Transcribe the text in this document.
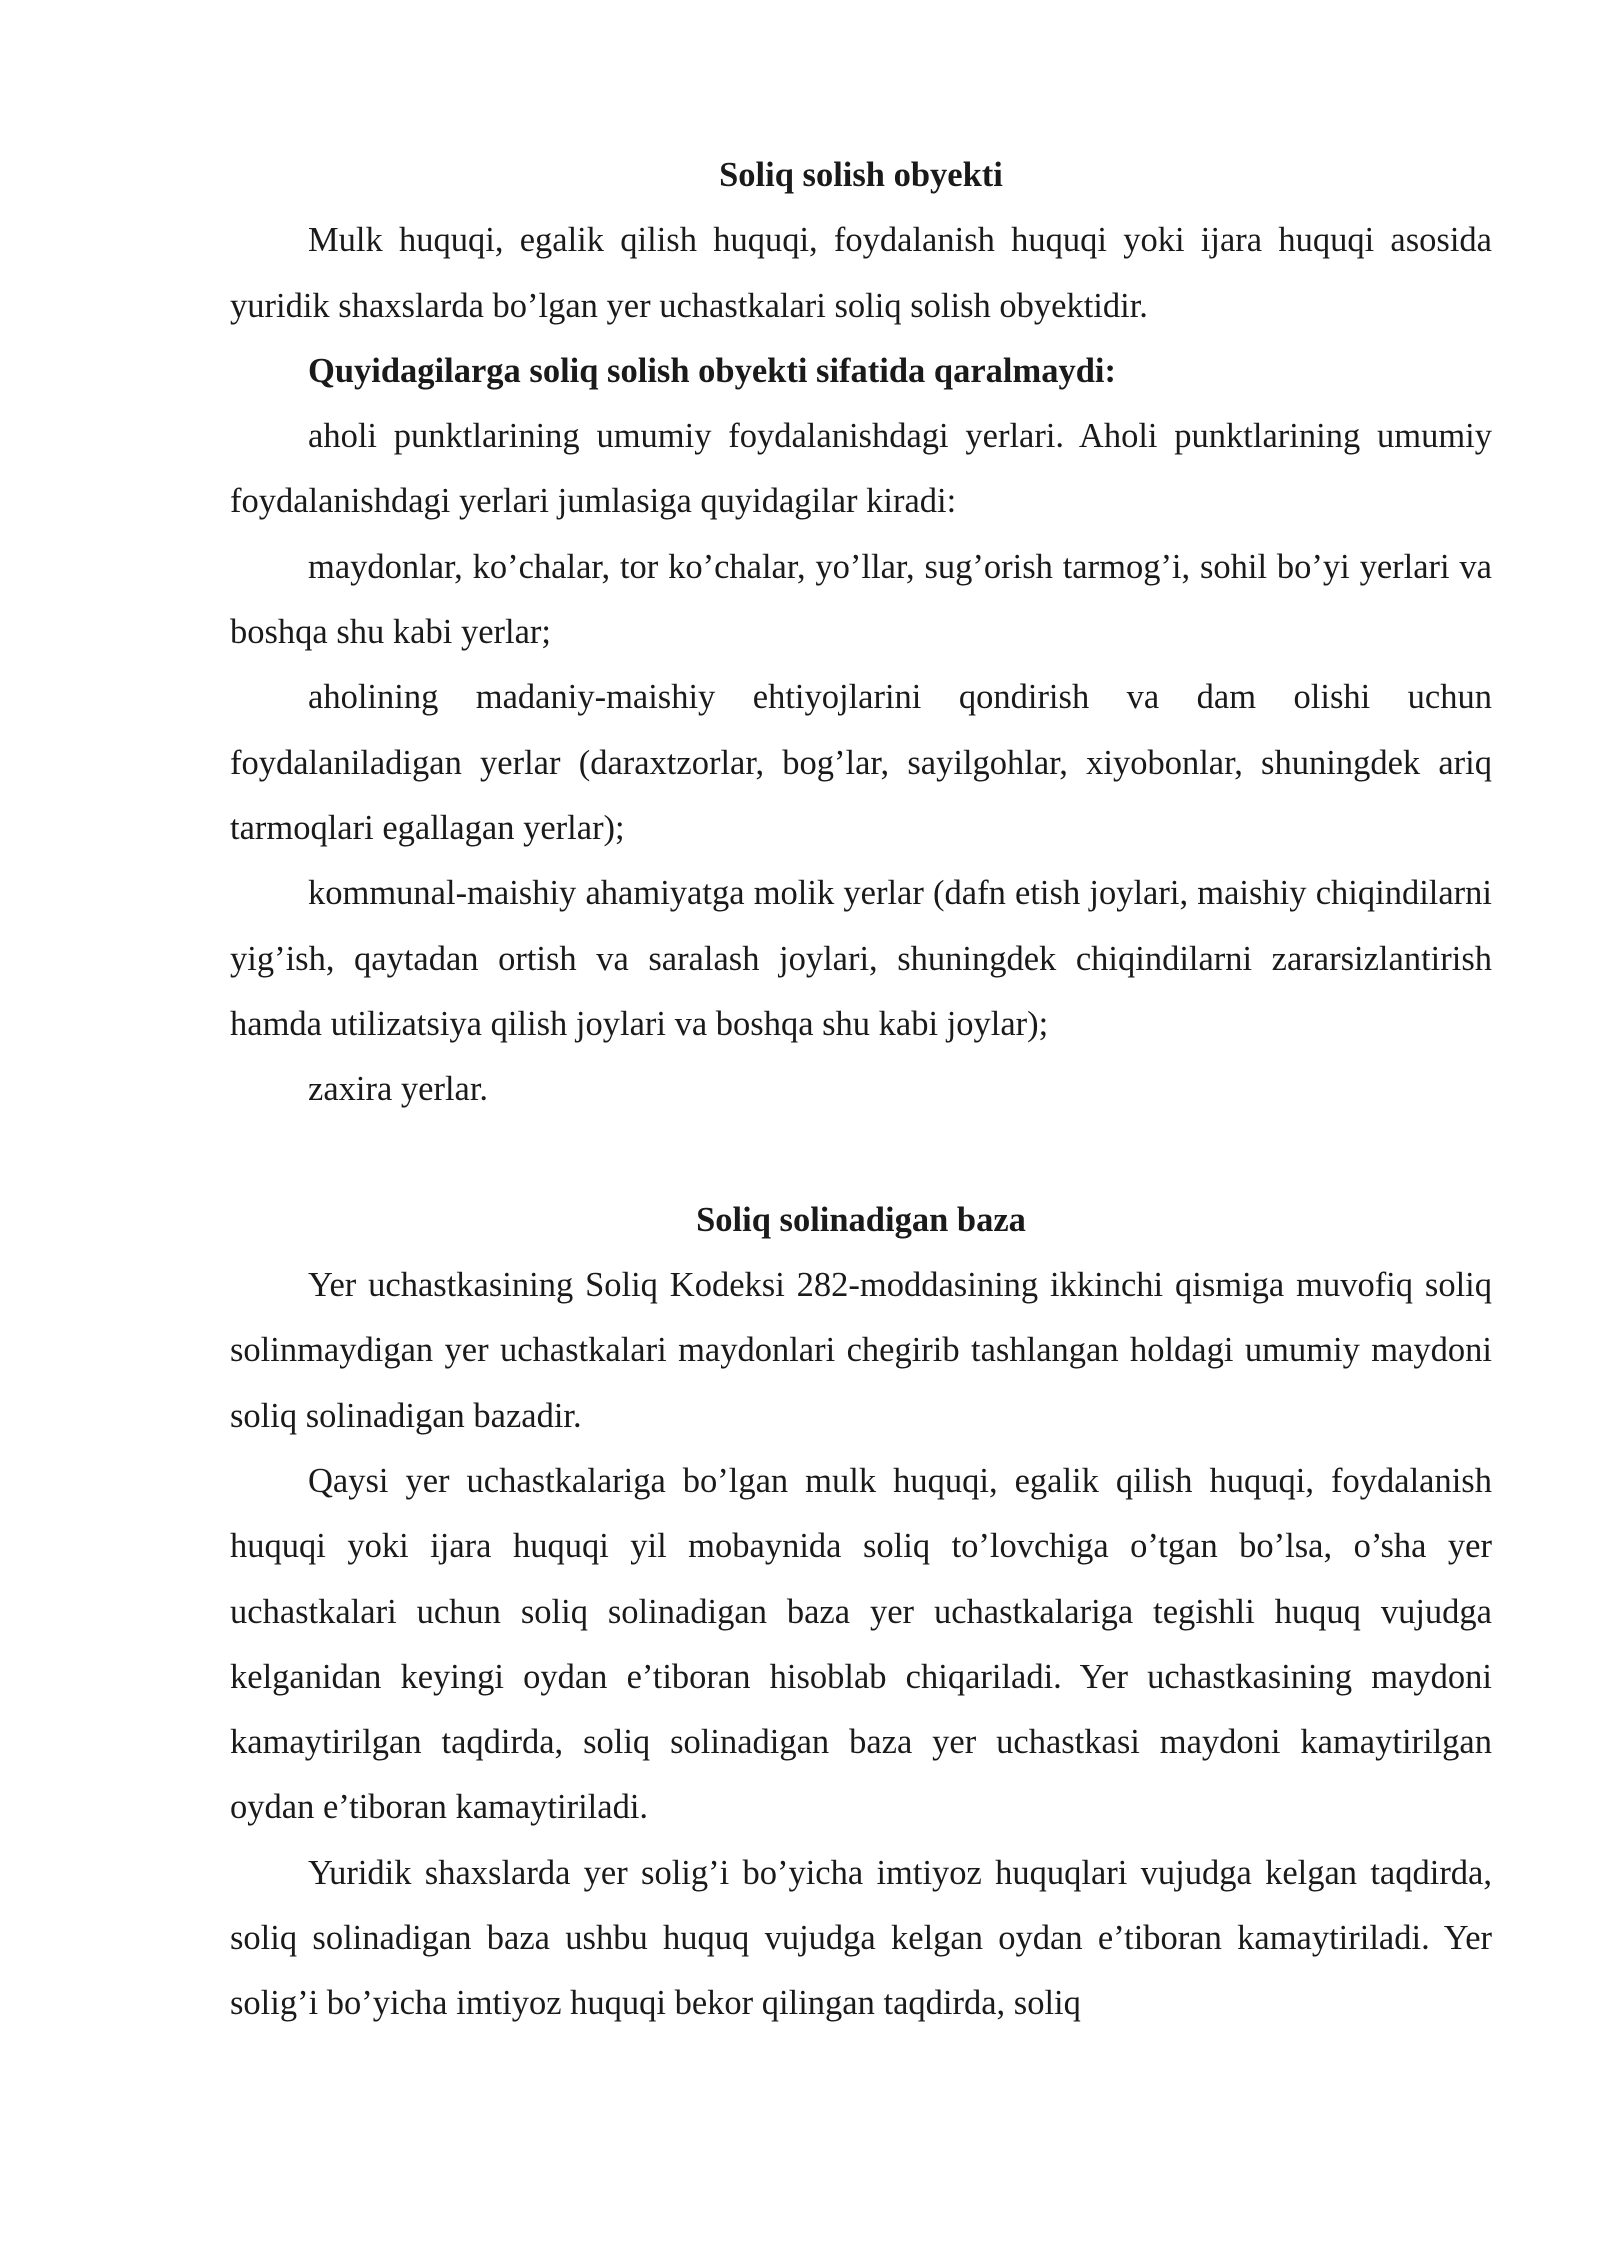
Soliq solish obyekti

Mulk huquqi, egalik qilish huquqi, foydalanish huquqi yoki ijara huquqi asosida yuridik shaxslarda bo’lgan yer uchastkalari soliq solish obyektidir.

Quyidagilarga soliq solish obyekti sifatida qaralmaydi:

aholi punktlarining umumiy foydalanishdagi yerlari. Aholi punktlarining umumiy foydalanishdagi yerlari jumlasiga quyidagilar kiradi:

maydonlar, ko’chalar, tor ko’chalar, yo’llar, sug’orish tarmog’i, sohil bo’yi yerlari va boshqa shu kabi yerlar;

aholining madaniy-maishiy ehtiyojlarini qondirish va dam olishi uchun foydalaniladigan yerlar (daraxtzorlar, bog’lar, sayilgohlar, xiyobonlar, shuningdek ariq tarmoqlari egallagan yerlar);

kommunal-maishiy ahamiyatga molik yerlar (dafn etish joylari, maishiy chiqindilarni yig’ish, qaytadan ortish va saralash joylari, shuningdek chiqindilarni zararsizlantirish hamda utilizatsiya qilish joylari va boshqa shu kabi joylar);

zaxira yerlar.

Soliq solinadigan baza

Yer uchastkasining Soliq Kodeksi 282-moddasining ikkinchi qismiga muvofiq soliq solinmaydigan yer uchastkalari maydonlari chegirib tashlangan holdagi umumiy maydoni soliq solinadigan bazadir.

Qaysi yer uchastkalariga bo’lgan mulk huquqi, egalik qilish huquqi, foydalanish huquqi yoki ijara huquqi yil mobaynida soliq to’lovchiga o’tgan bo’lsa, o’sha yer uchastkalari uchun soliq solinadigan baza yer uchastkalariga tegishli huquq vujudga kelganidan keyingi oydan e’tiboran hisoblab chiqariladi. Yer uchastkasining maydoni kamaytirilgan taqdirda, soliq solinadigan baza yer uchastkasi maydoni kamaytirilgan oydan e’tiboran kamaytiriladi.

Yuridik shaxslarda yer solig’i bo’yicha imtiyoz huquqlari vujudga kelgan taqdirda, soliq solinadigan baza ushbu huquq vujudga kelgan oydan e’tiboran kamaytiriladi. Yer solig’i bo’yicha imtiyoz huquqi bekor qilingan taqdirda, soliq
